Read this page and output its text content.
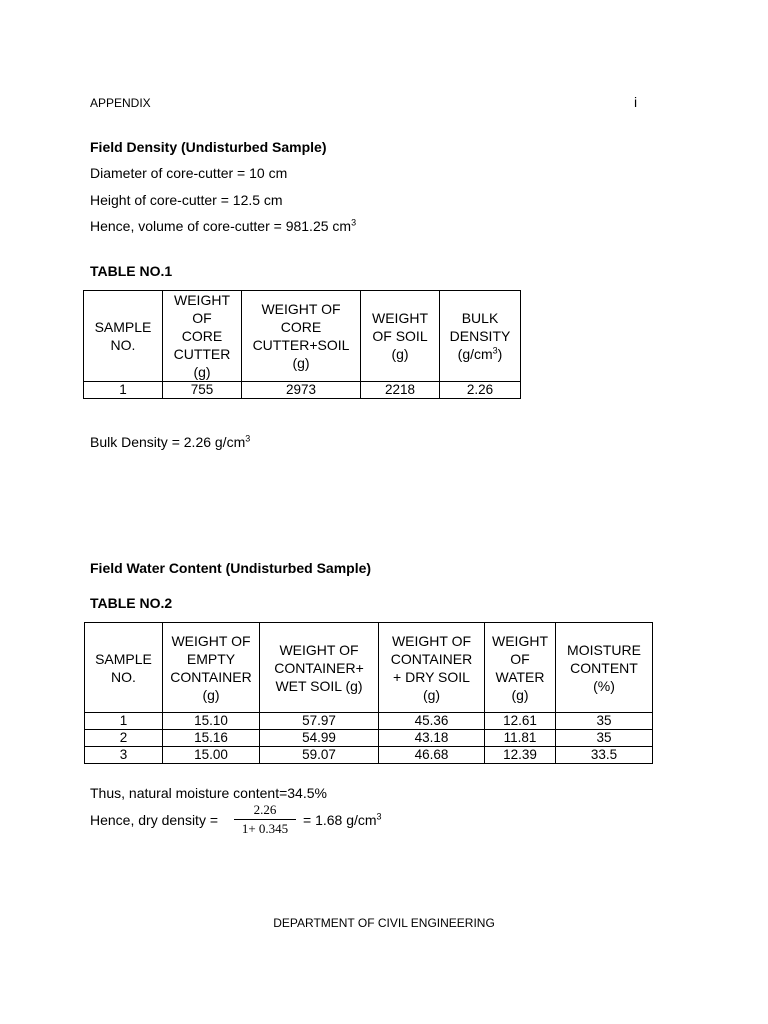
APPENDIX	i
Field Density (Undisturbed Sample)
Diameter of core-cutter = 10 cm
Height of core-cutter = 12.5 cm
Hence, volume of core-cutter = 981.25 $cm^3$
TABLE NO.1
SAMPLE
NO.	WEIGHT
OF
CORE
CUTTER
(g)	WEIGHT OF
CORE
CUTTER+SOIL
(g)	WEIGHT
OF SOIL
(g)	BULK
DENSITY
$(g/cm^3)$
1	755	2973	2218	2.26
Bulk Density = 2.26 $g/cm^3$
Field Water Content (Undisturbed Sample)
TABLE NO.2
SAMPLE
NO.	WEIGHT OF
EMPTY
CONTAINER
(g)	WEIGHT OF
CONTAINER+
WET SOIL (g)	WEIGHT OF
CONTAINER
+ DRY SOIL
(g)	WEIGHT
OF
WATER
(g)	MOISTURE
CONTENT
(%)
1	15.10	57.97	45.36	12.61	35
2	15.16	54.99	43.18	11.81	35
3	15.00	59.07	46.68	12.39	33.5
Thus, natural moisture content=34.5%
Hence, dry density =
2.26
1+ 0.345
= 1.68 $g/cm^3$
DEPARTMENT OF CIVIL ENGINEERING
